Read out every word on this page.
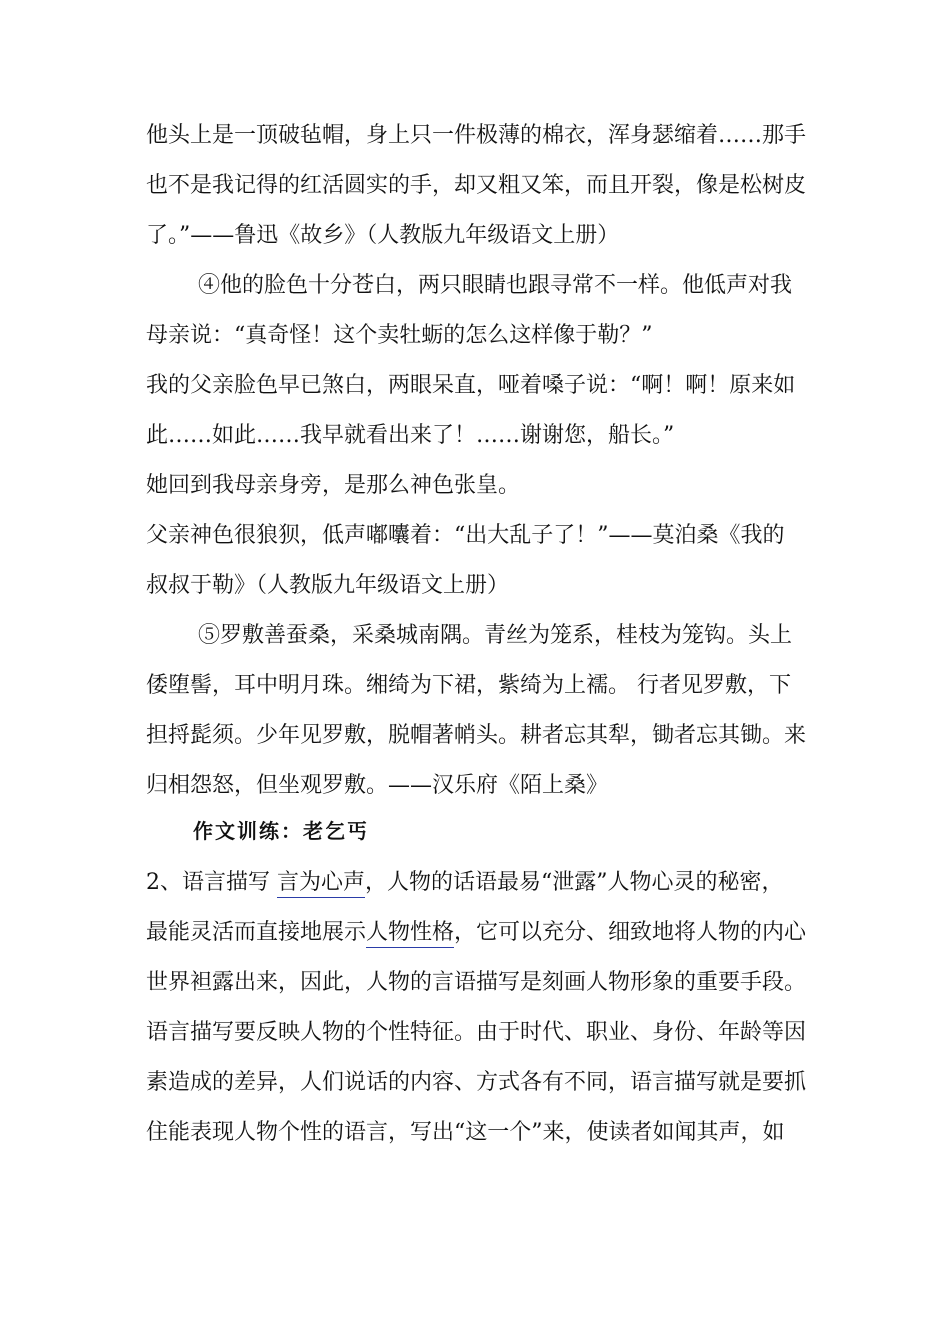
他头上是一顶破毡帽，身上只一件极薄的棉衣，浑身瑟缩着……那手
也不是我记得的红活圆实的手，却又粗又笨，而且开裂，像是松树皮
了。”——鲁迅《故乡》（人教版九年级语文上册）
④他的脸色十分苍白，两只眼睛也跟寻常不一样。他低声对我
母亲说：“真奇怪！这个卖牡蛎的怎么这样像于勒？”
我的父亲脸色早已煞白，两眼呆直，哑着嗓子说：“啊！啊！原来如
此……如此……我早就看出来了！……谢谢您，船长。”
她回到我母亲身旁，是那么神色张皇。
父亲神色很狼狈，低声嘟囔着：“出大乱子了！”——莫泊桑《我的
叔叔于勒》（人教版九年级语文上册）
⑤罗敷善蚕桑，采桑城南隅。青丝为笼系，桂枝为笼钩。头上
倭堕髻，耳中明月珠。缃绮为下裙，紫绮为上襦。 行者见罗敷，下
担捋髭须。少年见罗敷，脱帽著帩头。耕者忘其犁，锄者忘其锄。来
归相怨怒，但坐观罗敷。——汉乐府《陌上桑》
作文训练：老乞丐
2、语言描写 言为心声，人物的话语最易“泄露”人物心灵的秘密，
最能灵活而直接地展示人物性格，它可以充分、细致地将人物的内心
世界袒露出来，因此，人物的言语描写是刻画人物形象的重要手段。
语言描写要反映人物的个性特征。由于时代、职业、身份、年龄等因
素造成的差异，人们说话的内容、方式各有不同，语言描写就是要抓
住能表现人物个性的语言，写出“这一个”来，使读者如闻其声，如
